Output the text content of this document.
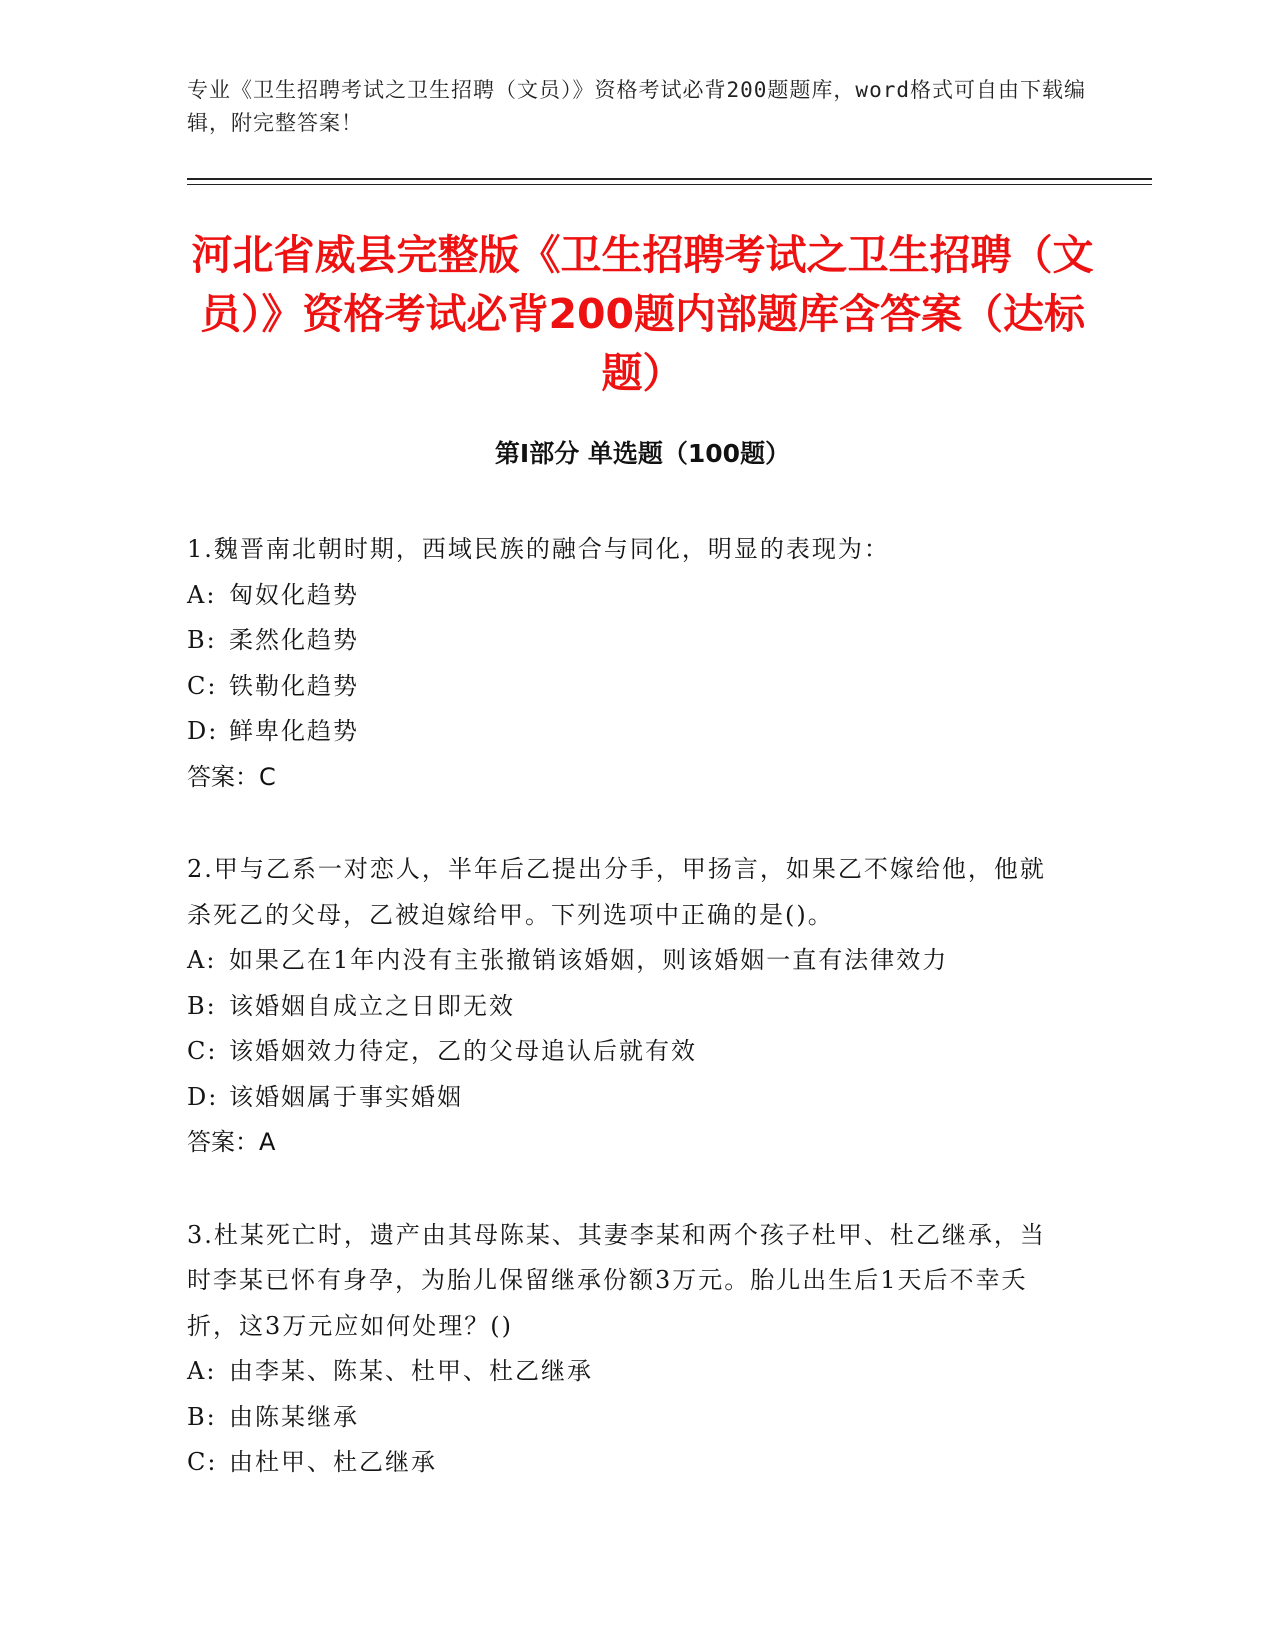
专业《卫生招聘考试之卫生招聘（文员）》资格考试必背200题题库，word格式可自由下载编辑，附完整答案！
河北省威县完整版《卫生招聘考试之卫生招聘（文员）》资格考试必背200题内部题库含答案（达标题）
第I部分 单选题（100题）
1.魏晋南北朝时期，西域民族的融合与同化，明显的表现为：
A: 匈奴化趋势
B: 柔然化趋势
C: 铁勒化趋势
D: 鲜卑化趋势
答案：C
2.甲与乙系一对恋人，半年后乙提出分手，甲扬言，如果乙不嫁给他，他就杀死乙的父母，乙被迫嫁给甲。下列选项中正确的是()。
A: 如果乙在1年内没有主张撤销该婚姻，则该婚姻一直有法律效力
B: 该婚姻自成立之日即无效
C: 该婚姻效力待定，乙的父母追认后就有效
D: 该婚姻属于事实婚姻
答案：A
3.杜某死亡时，遗产由其母陈某、其妻李某和两个孩子杜甲、杜乙继承，当时李某已怀有身孕，为胎儿保留继承份额3万元。胎儿出生后1天后不幸夭折，这3万元应如何处理？()
A: 由李某、陈某、杜甲、杜乙继承
B: 由陈某继承
C: 由杜甲、杜乙继承
